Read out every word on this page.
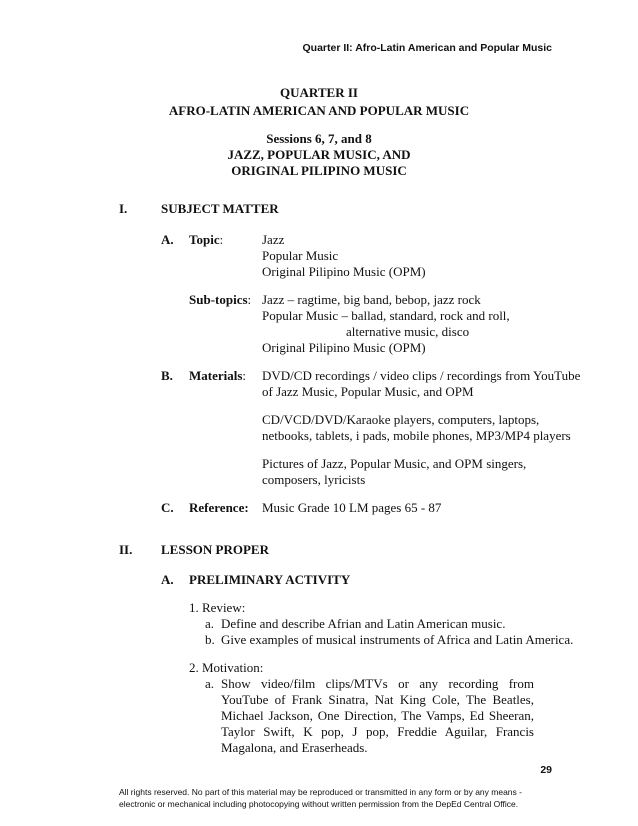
Quarter II: Afro-Latin American and Popular Music
QUARTER II
AFRO-LATIN AMERICAN AND POPULAR MUSIC
Sessions 6, 7, and 8
JAZZ, POPULAR MUSIC, AND
ORIGINAL PILIPINO MUSIC
I.	SUBJECT MATTER
A. Topic:	Jazz
Popular Music
Original Pilipino Music (OPM)
Sub-topics: Jazz – ragtime, big band, bebop, jazz rock
Popular Music – ballad, standard, rock and roll,
alternative music, disco
Original Pilipino Music (OPM)
B. Materials: DVD/CD recordings / video clips / recordings from YouTube
of Jazz Music, Popular Music, and OPM
CD/VCD/DVD/Karaoke players, computers, laptops,
netbooks, tablets, i pads, mobile phones, MP3/MP4 players
Pictures of Jazz, Popular Music, and OPM singers,
composers, lyricists
C. Reference: Music Grade 10 LM pages 65 - 87
II. LESSON PROPER
A. PRELIMINARY ACTIVITY
1. Review:
a. Define and describe Afrian and Latin American music.
b. Give examples of musical instruments of Africa and Latin America.
2. Motivation:
a. Show video/film clips/MTVs or any recording from YouTube of Frank Sinatra, Nat King Cole, The Beatles, Michael Jackson, One Direction, The Vamps, Ed Sheeran, Taylor Swift, K pop, J pop, Freddie Aguilar, Francis Magalona, and Eraserheads.
29
All rights reserved. No part of this material may be reproduced or transmitted in any form or by any means -
electronic or mechanical including photocopying without written permission from the DepEd Central Office.
